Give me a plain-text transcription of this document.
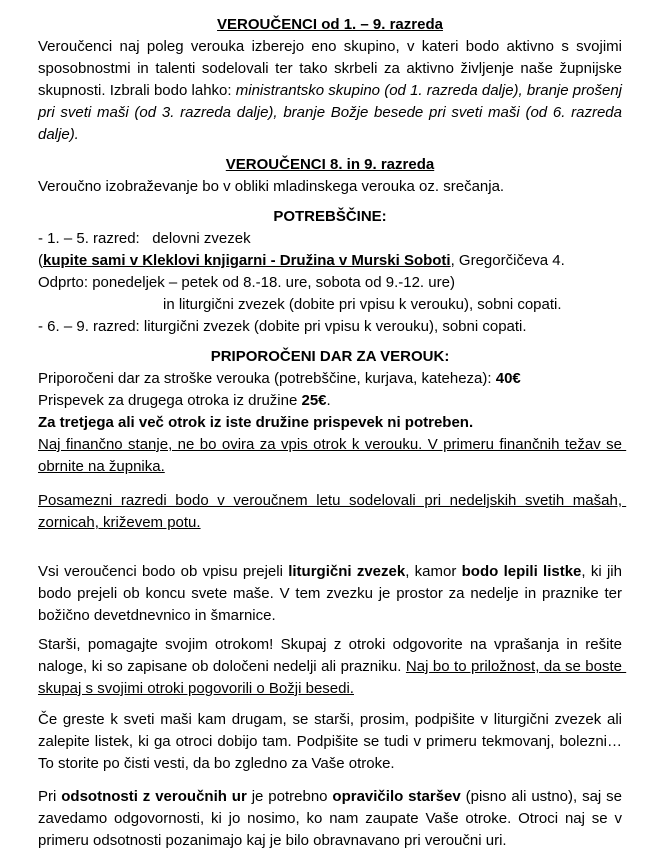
VEROUČENCI od 1. – 9. razreda
Veroučenci naj poleg verouka izberejo eno skupino, v kateri bodo aktivno s svojimi sposobnostmi in talenti sodelovali ter tako skrbeli za aktivno življenje naše župnijske skupnosti. Izbrali bodo lahko: ministrantsko skupino (od 1. razreda dalje), branje prošenj pri sveti maši (od 3. razreda dalje), branje Božje besede pri sveti maši (od 6. razreda dalje).
VEROUČENCI 8. in 9. razreda
Veroučno izobraževanje bo v obliki mladinskega verouka oz. srečanja.
POTREBŠČINE:
- 1. – 5. razred:   delovni zvezek
(kupite sami v Kleklovi knjigarni - Družina v Murski Soboti, Gregorčičeva 4.
Odprto: ponedeljek – petek od 8.-18. ure, sobota od 9.-12. ure)
in liturgični zvezek (dobite pri vpisu k verouku), sobni copati.
- 6. – 9. razred: liturgični zvezek (dobite pri vpisu k verouku), sobni copati.
PRIPOROČENI DAR ZA VEROUK:
Priporočeni dar za stroške verouka (potrebščine, kurjava, kateheza): 40€
Prispevek za drugega otroka iz družine 25€.
Za tretjega ali več otrok iz iste družine prispevek ni potreben.
Naj finančno stanje, ne bo ovira za vpis otrok k verouku. V primeru finančnih težav se obrnite na župnika.
Posamezni razredi bodo v veroučnem letu sodelovali pri nedeljskih svetih mašah, zornicah, križevem potu.
Vsi veroučenci bodo ob vpisu prejeli liturgični zvezek, kamor bodo lepili listke, ki jih bodo prejeli ob koncu svete maše. V tem zvezku je prostor za nedelje in praznike ter božično devetdnevnico in šmarnice.
Starši, pomagajte svojim otrokom! Skupaj z otroki odgovorite na vprašanja in rešite naloge, ki so zapisane ob določeni nedelji ali prazniku. Naj bo to priložnost, da se boste skupaj s svojimi otroki pogovorili o Božji besedi.
Če greste k sveti maši kam drugam, se starši, prosim, podpišite v liturgični zvezek ali zalepite listek, ki ga otroci dobijo tam. Podpišite se tudi v primeru tekmovanj, bolezni… To storite po čisti vesti, da bo zgledno za Vaše otroke.
Pri odsotnosti z veroučnih ur je potrebno opravičilo staršev (pisno ali ustno), saj se zavedamo odgovornosti, ki jo nosimo, ko nam zaupate Vaše otroke. Otroci naj se v primeru odsotnosti pozanimajo kaj je bilo obravnavano pri veroučni uri.
